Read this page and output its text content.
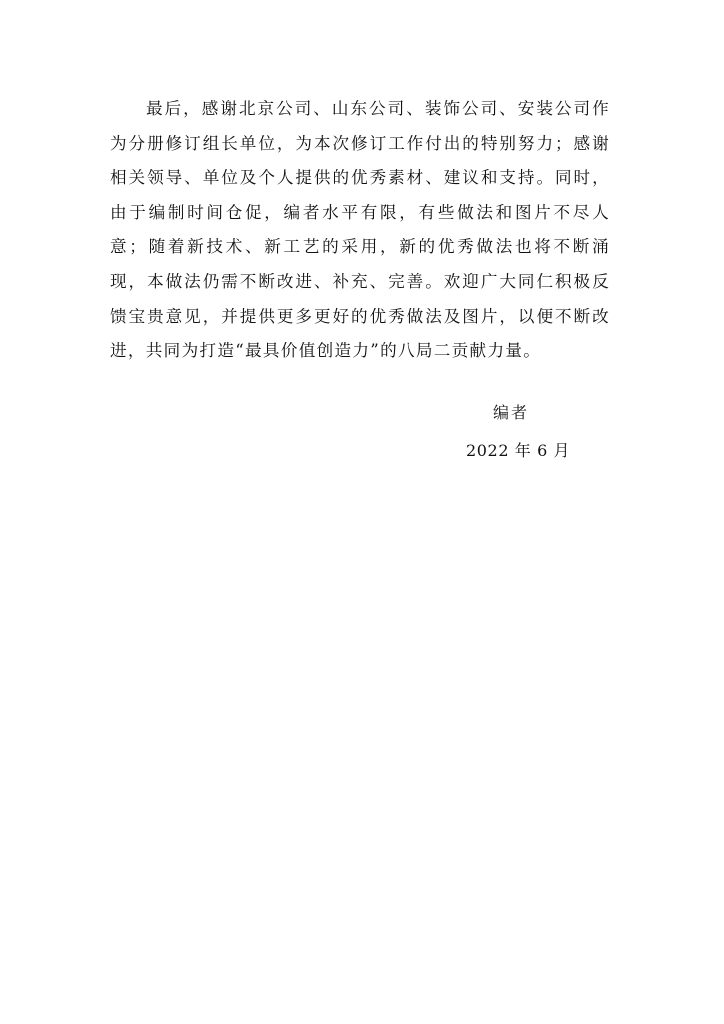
最后，感谢北京公司、山东公司、装饰公司、安装公司作为分册修订组长单位，为本次修订工作付出的特别努力；感谢相关领导、单位及个人提供的优秀素材、建议和支持。同时，由于编制时间仓促，编者水平有限，有些做法和图片不尽人意；随着新技术、新工艺的采用，新的优秀做法也将不断涌现，本做法仍需不断改进、补充、完善。欢迎广大同仁积极反馈宝贵意见，并提供更多更好的优秀做法及图片，以便不断改进，共同为打造“最具价值创造力”的八局二贡献力量。

编者

2022 年 6 月
